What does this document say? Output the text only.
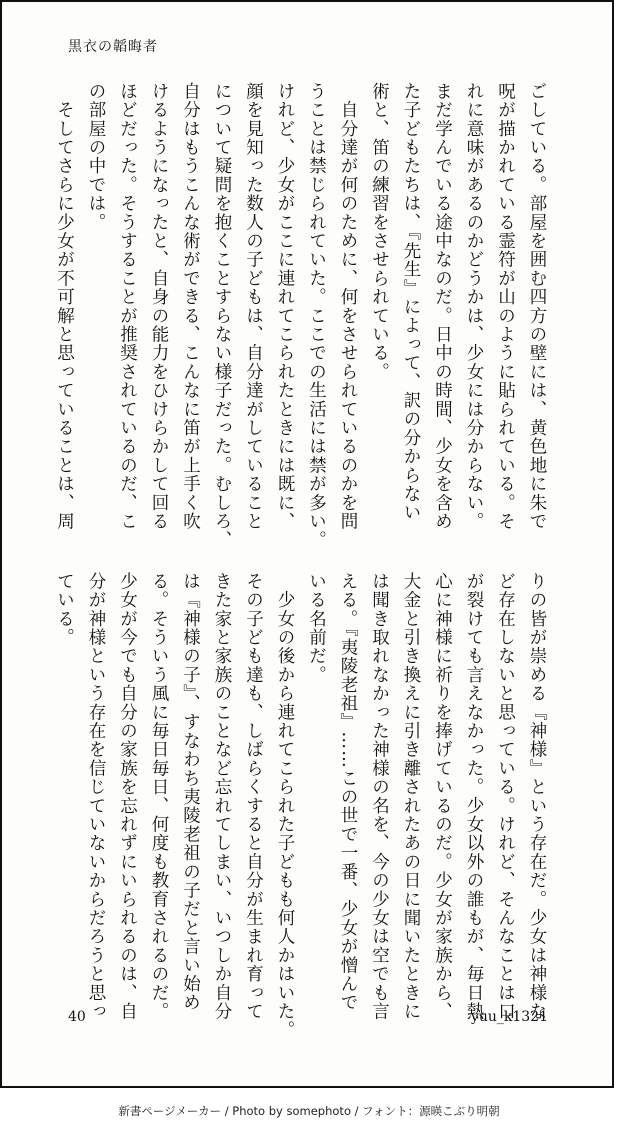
黒衣の韜晦者
ごしている。部屋を囲む四方の壁には、黄色地に朱で
呪が描かれている霊符が山のように貼られている。そ
れに意味があるのかどうかは、少女には分からない。
まだ学んでいる途中なのだ。日中の時間、少女を含め
た子どもたちは、『先生』によって、訳の分からない
術と、笛の練習をさせられている。
　自分達が何のために、何をさせられているのかを問
うことは禁じられていた。ここでの生活には禁が多い。
けれど、少女がここに連れてこられたときには既に、
顔を見知った数人の子どもは、自分達がしていること
について疑問を抱くことすらない様子だった。むしろ、
自分はもうこんな術ができる、こんなに笛が上手く吹
けるようになったと、自身の能力をひけらかして回る
ほどだった。そうすることが推奨されているのだ、こ
の部屋の中では。
　そしてさらに少女が不可解と思っていることは、周
りの皆が崇める『神様』という存在だ。少女は神様な
ど存在しないと思っている。けれど、そんなことは口
が裂けても言えなかった。少女以外の誰もが、毎日熱
心に神様に祈りを捧げているのだ。少女が家族から、
大金と引き換えに引き離されたあの日に聞いたときに
は聞き取れなかった神様の名を、今の少女は空でも言
える。『夷陵老祖』……この世で一番、少女が憎んで
いる名前だ。
　少女の後から連れてこられた子どもも何人かはいた。
その子ども達も、しばらくすると自分が生まれ育って
きた家と家族のことなど忘れてしまい、いつしか自分
は『神様の子』、すなわち夷陵老祖の子だと言い始め
る。そういう風に毎日毎日、何度も教育されるのだ。
少女が今でも自分の家族を忘れずにいられるのは、自
分が神様という存在を信じていないからだろうと思っ
ている。
40	yuu_k1321
新書ページメーカー / Photo by somephoto / フォント：源暎こぶり明朝
